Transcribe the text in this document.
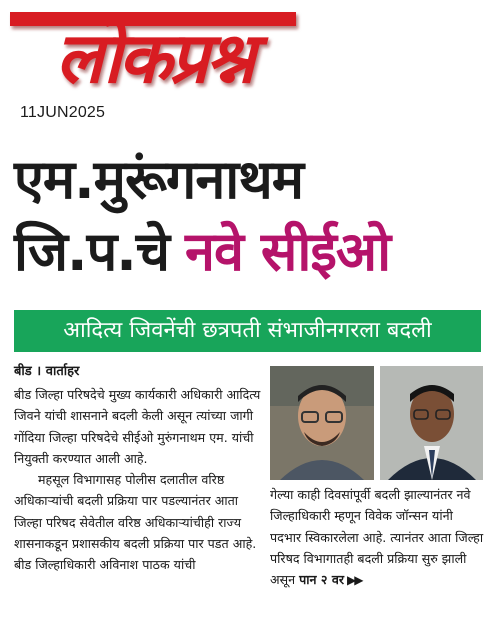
लोकप्रश्न
11JUN2025
एम.मुरूंगनाथम
जि.प.चे नवे सीईओ
आदित्य जिवनेंची छत्रपती संभाजीनगरला बदली
बीड । वार्ताहर

बीड जिल्हा परिषदेचे मुख्य कार्यकारी अधिकारी आदित्य जिवने यांची शासनाने बदली केली असून त्यांच्या जागी गोंदिया जिल्हा परिषदेचे सीईओ मुरुंगनाथम एम. यांची नियुक्ती करण्यात आली आहे.

महसूल विभागासह पोलीस दलातील वरिष्ठ अधिकाऱ्यांची बदली प्रक्रिया पार पडल्यानंतर आता जिल्हा परिषद सेवेतील वरिष्ठ अधिकाऱ्यांचीही राज्य शासनाकडून प्रशासकीय बदली प्रक्रिया पार पडत आहे. बीड जिल्हाधिकारी अविनाश पाठक यांची

गेल्या काही दिवसांपूर्वी बदली झाल्यानंतर नवे जिल्हाधिकारी म्हणून विवेक जॉन्सन यांनी पदभार स्विकारलेला आहे. त्यानंतर आता जिल्हा परिषद विभागातही बदली प्रक्रिया सुरु झाली असून पान २ वर ▶▶
